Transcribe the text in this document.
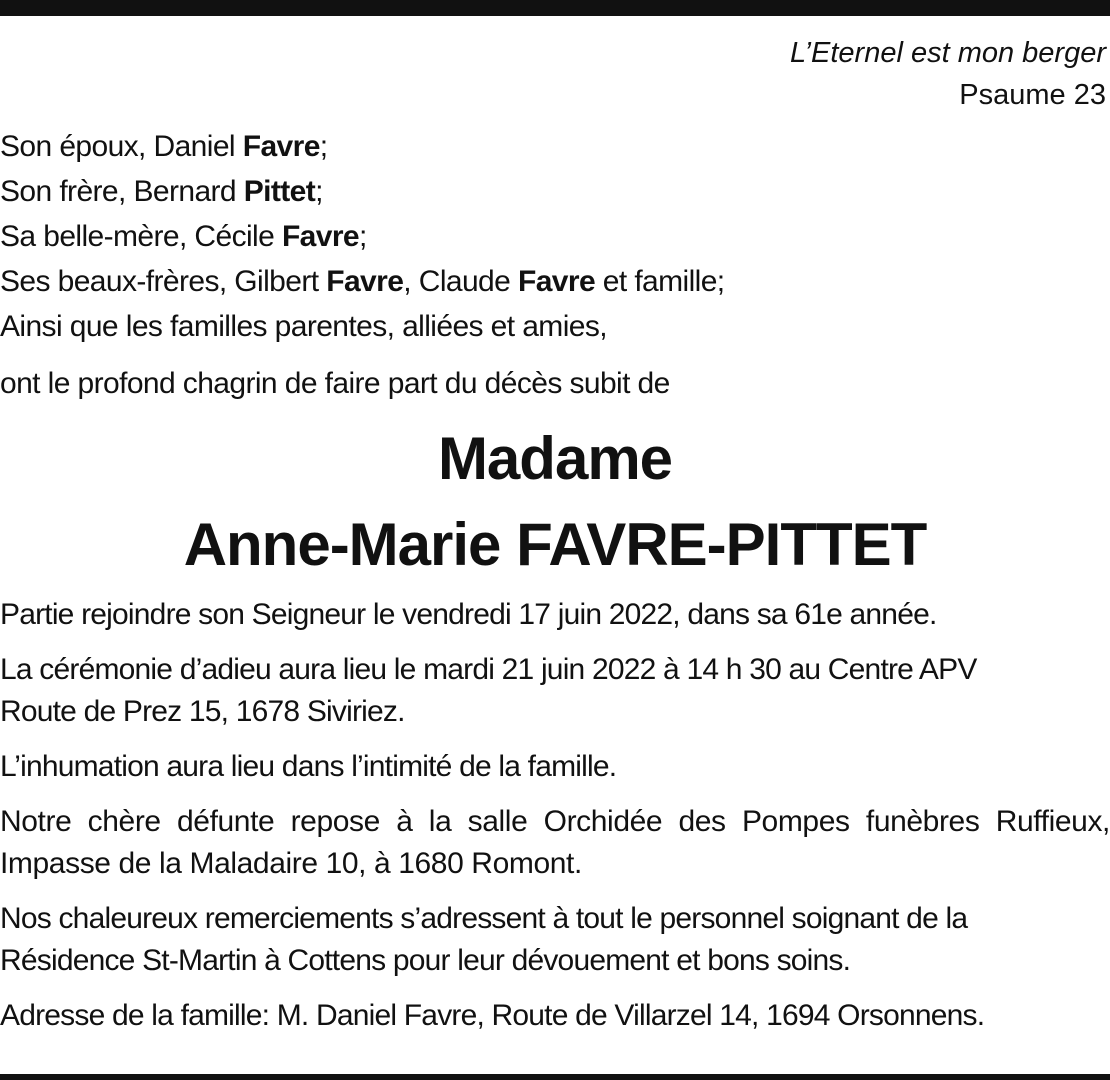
L’Eternel est mon berger
Psaume 23
Son époux, Daniel Favre;
Son frère, Bernard Pittet;
Sa belle-mère, Cécile Favre;
Ses beaux-frères, Gilbert Favre, Claude Favre et famille;
Ainsi que les familles parentes, alliées et amies,
ont le profond chagrin de faire part du décès subit de
Madame
Anne-Marie FAVRE-PITTET
Partie rejoindre son Seigneur le vendredi 17 juin 2022, dans sa 61e année.
La cérémonie d’adieu aura lieu le mardi 21 juin 2022 à 14 h 30 au Centre APV
Route de Prez 15, 1678 Siviriez.
L’inhumation aura lieu dans l’intimité de la famille.
Notre chère défunte repose à la salle Orchidée des Pompes funèbres Ruffieux, Impasse de la Maladaire 10, à 1680 Romont.
Nos chaleureux remerciements s’adressent à tout le personnel soignant de la
Résidence St-Martin à Cottens pour leur dévouement et bons soins.
Adresse de la famille: M. Daniel Favre, Route de Villarzel 14, 1694 Orsonnens.
